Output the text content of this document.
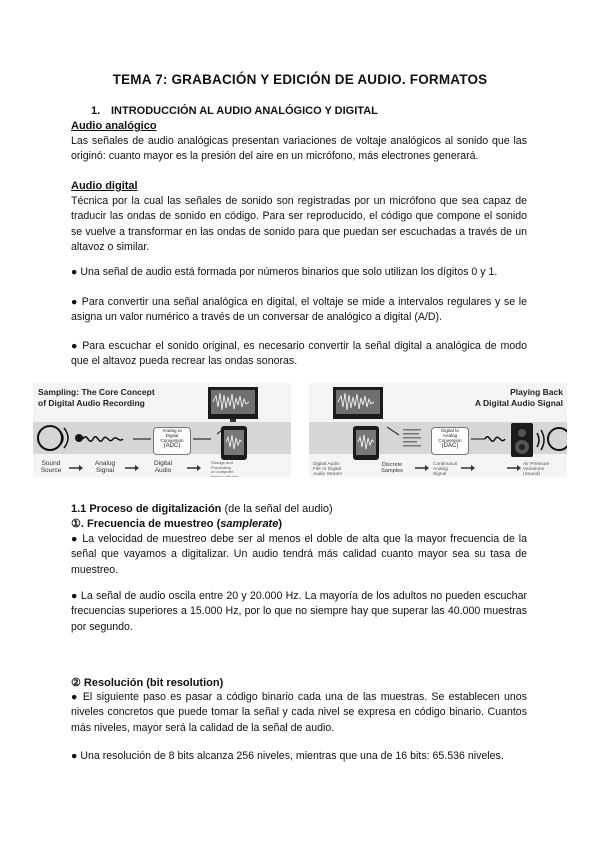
TEMA 7: GRABACIÓN Y EDICIÓN DE AUDIO. FORMATOS
1. INTRODUCCIÓN AL AUDIO ANALÓGICO Y DIGITAL
Audio analógico
Las señales de audio analógicas presentan variaciones de voltaje analógicos al sonido que las originó: cuanto mayor es la presión del aire en un micrófono, más electrones generará.
Audio digital
Técnica por la cual las señales de sonido son registradas por un micrófono que sea capaz de traducir las ondas de sonido en código. Para ser reproducido, el código que compone el sonido se vuelve a transformar en las ondas de sonido para que puedan ser escuchadas a través de un altavoz o similar.
● Una señal de audio está formada por números binarios que solo utilizan los dígitos 0 y 1.
● Para convertir una señal analógica en digital, el voltaje se mide a intervalos regulares y se le asigna un valor numérico a través de un conversar de analógico a digital (A/D).
● Para escuchar el sonido original, es necesario convertir la señal digital a analógica de modo que el altavoz pueda recrear las ondas sonoras.
Sampling: The Core Concept
of Digital Audio Recording
Analog to
Digital
Conversion
(ADC)
Sound
Source
Analog
Signal
Digital
Audio
Storage and
Processing
on computer
based software
Playing Back
A Digital Audio Signal
Digital to
Analog
Conversion
(DAC)
Digital Audio
File or Digital
Audio Stream
Discrete
Samples
Continuous
Analog
Signal
Air Pressure
Variations
(Sound)
1.1 Proceso de digitalización (de la señal del audio)
①. Frecuencia de muestreo (samplerate)
● La velocidad de muestreo debe ser al menos el doble de alta que la mayor frecuencia de la señal que vayamos a digitalizar. Un audio tendrá más calidad cuanto mayor sea su tasa de muestreo.
● La señal de audio oscila entre 20 y 20.000 Hz. La mayoría de los adultos no pueden escuchar frecuencias superiores a 15.000 Hz, por lo que no siempre hay que superar las 40.000 muestras por segundo.
② Resolución (bit resolution)
● El siguiente paso es pasar a código binario cada una de las muestras. Se establecen unos niveles concretos que puede tomar la señal y cada nivel se expresa en código binario. Cuantos más niveles, mayor será la calidad de la señal de audio.
● Una resolución de 8 bits alcanza 256 niveles, mientras que una de 16 bits: 65.536 niveles.
